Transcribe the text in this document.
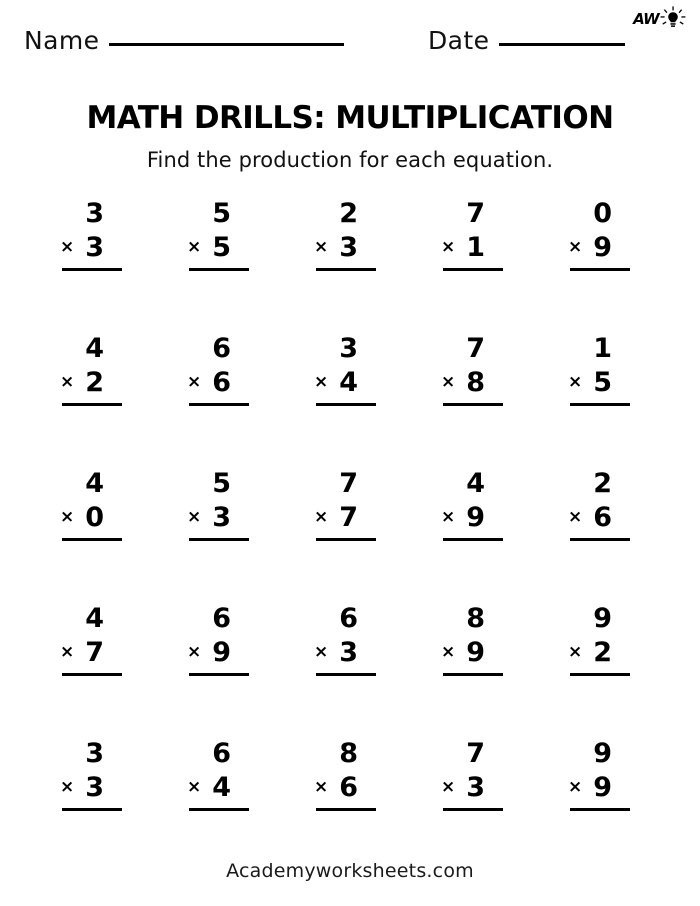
Name	Date
AW
MATH DRILLS: MULTIPLICATION
Find the production for each equation.
3
× 3
5
× 5
2
× 3
7
× 1
0
× 9
4
× 2
6
× 6
3
× 4
7
× 8
1
× 5
4
× 0
5
× 3
7
× 7
4
× 9
2
× 6
4
× 7
6
× 9
6
× 3
8
× 9
9
× 2
3
× 3
6
× 4
8
× 6
7
× 3
9
× 9
Academyworksheets.com
